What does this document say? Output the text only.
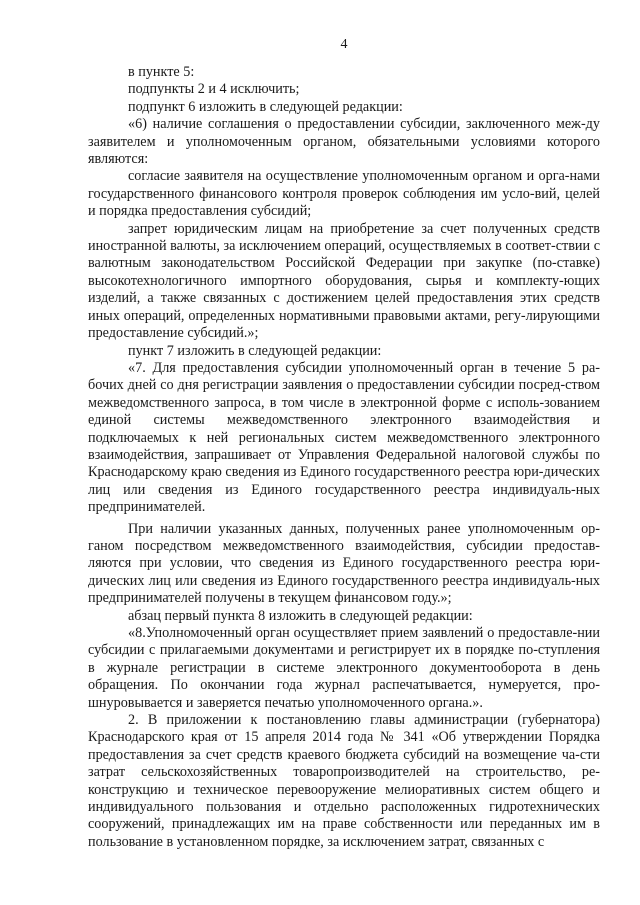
4

в пункте 5:

подпункты 2 и 4 исключить;

подпункт 6 изложить в следующей редакции:

«6) наличие соглашения о предоставлении субсидии, заключенного меж-ду заявителем и уполномоченным органом, обязательными условиями которого являются:

согласие заявителя на осуществление уполномоченным органом и орга-нами государственного финансового контроля проверок соблюдения им усло-вий, целей и порядка предоставления субсидий;

запрет юридическим лицам на приобретение за счет полученных средств иностранной валюты, за исключением операций, осуществляемых в соответ-ствии с валютным законодательством Российской Федерации при закупке (по-ставке) высокотехнологичного импортного оборудования, сырья и комплекту-ющих изделий, а также связанных с достижением целей предоставления этих средств иных операций, определенных нормативными правовыми актами, регу-лирующими предоставление субсидий.»;

пункт 7 изложить в следующей редакции:

«7. Для предоставления субсидии уполномоченный орган в течение 5 ра-бочих дней со дня регистрации заявления о предоставлении субсидии посред-ством межведомственного запроса, в том числе в электронной форме с исполь-зованием единой системы межведомственного электронного взаимодействия и подключаемых к ней региональных систем межведомственного электронного взаимодействия, запрашивает от Управления Федеральной налоговой службы по Краснодарскому краю сведения из Единого государственного реестра юри-дических лиц или сведения из Единого государственного реестра индивидуаль-ных предпринимателей.

При наличии указанных данных, полученных ранее уполномоченным ор-ганом посредством межведомственного взаимодействия, субсидии предостав-ляются при условии, что сведения из Единого государственного реестра юри-дических лиц или сведения из Единого государственного реестра индивидуаль-ных предпринимателей получены в текущем финансовом году.»;

абзац первый пункта 8 изложить в следующей редакции:

«8.Уполномоченный орган осуществляет прием заявлений о предоставле-нии субсидии с прилагаемыми документами и регистрирует их в порядке по-ступления в журнале регистрации в системе электронного документооборота в день обращения. По окончании года журнал распечатывается, нумеруется, про-шнуровывается и заверяется печатью уполномоченного органа.».

2. В приложении к постановлению главы администрации (губернатора) Краснодарского края от 15 апреля 2014 года № 341 «Об утверждении Порядка предоставления за счет средств краевого бюджета субсидий на возмещение ча-сти затрат сельскохозяйственных товаропроизводителей на строительство, ре-конструкцию и техническое перевооружение мелиоративных систем общего и индивидуального пользования и отдельно расположенных гидротехнических сооружений, принадлежащих им на праве собственности или переданных им в пользование в установленном порядке, за исключением затрат, связанных с
